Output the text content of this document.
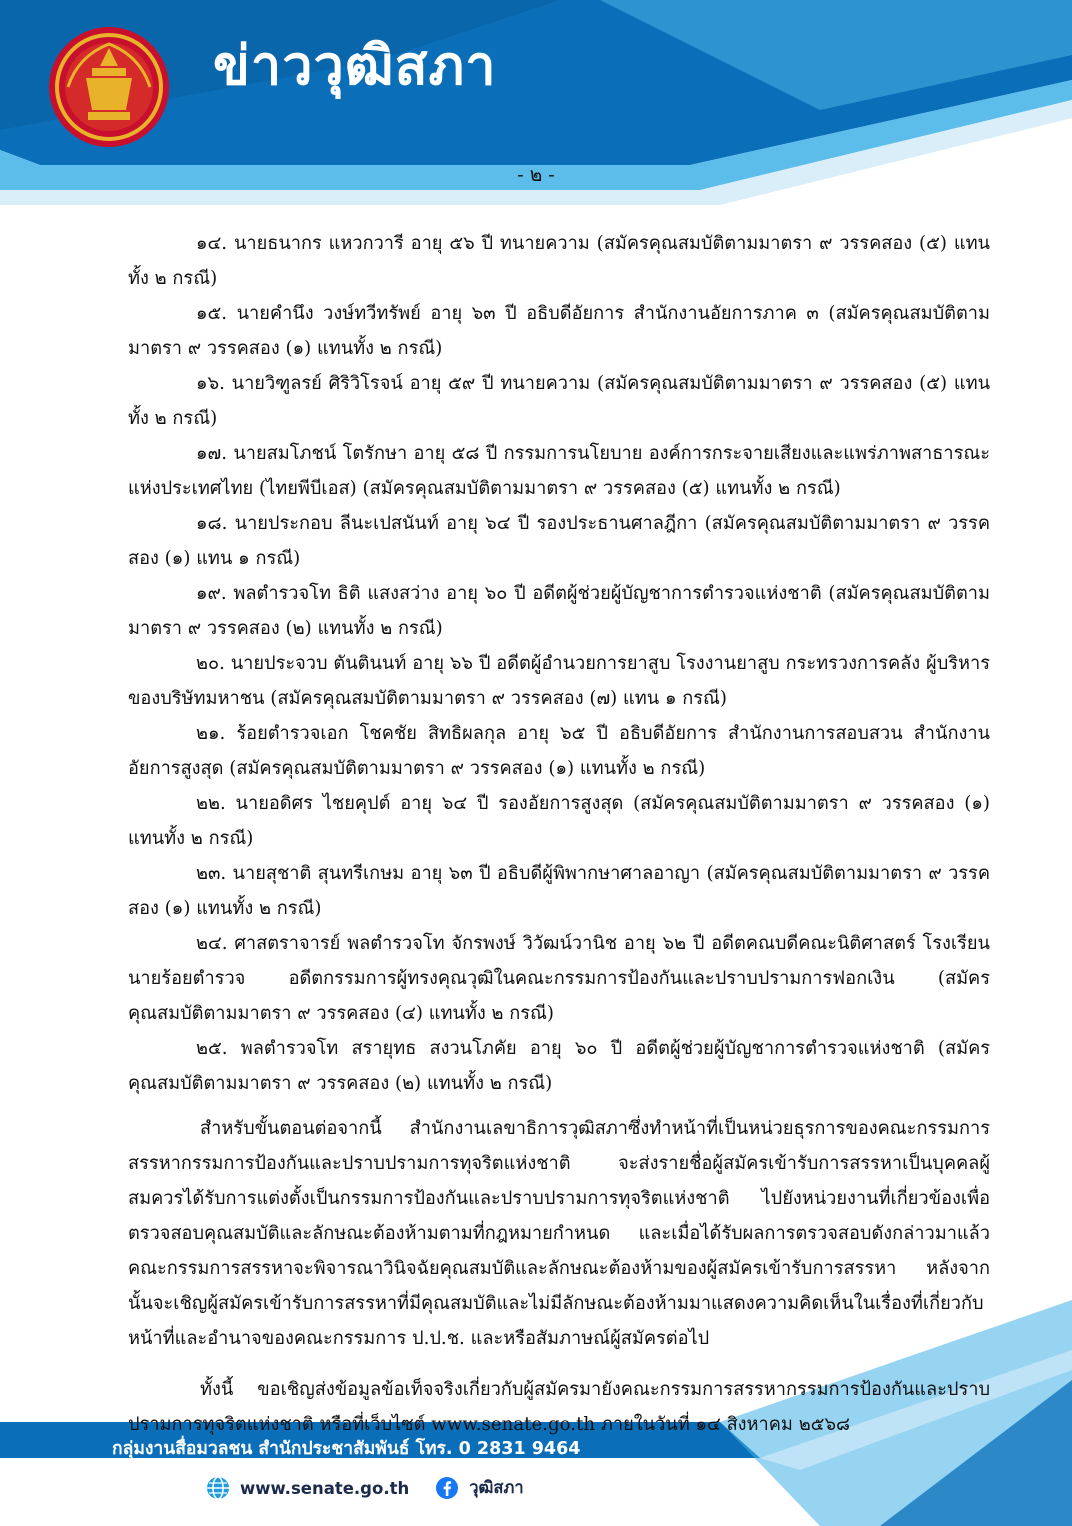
ข่าววุฒิสภา
- ๒ -

๑๔. นายธนากร แหวกวารี อายุ ๕๖ ปี ทนายความ (สมัครคุณสมบัติตามมาตรา ๙ วรรคสอง (๕) แทนทั้ง ๒ กรณี)

๑๕. นายคำนึง วงษ์ทวีทรัพย์ อายุ ๖๓ ปี อธิบดีอัยการ สำนักงานอัยการภาค ๓ (สมัครคุณสมบัติตามมาตรา ๙ วรรคสอง (๑) แทนทั้ง ๒ กรณี)

๑๖. นายวิฑูลรย์ ศิริวิโรจน์ อายุ ๕๙ ปี ทนายความ (สมัครคุณสมบัติตามมาตรา ๙ วรรคสอง (๕) แทนทั้ง ๒ กรณี)

๑๗. นายสมโภชน์ โตรักษา อายุ ๕๘ ปี กรรมการนโยบาย องค์การกระจายเสียงและแพร่ภาพสาธารณะแห่งประเทศไทย (ไทยพีบีเอส) (สมัครคุณสมบัติตามมาตรา ๙ วรรคสอง (๕) แทนทั้ง ๒ กรณี)

๑๘. นายประกอบ ลีนะเปสนันท์ อายุ ๖๔ ปี รองประธานศาลฎีกา (สมัครคุณสมบัติตามมาตรา ๙ วรรคสอง (๑) แทน ๑ กรณี)

๑๙. พลตำรวจโท ธิติ แสงสว่าง อายุ ๖๐ ปี อดีตผู้ช่วยผู้บัญชาการตำรวจแห่งชาติ (สมัครคุณสมบัติตามมาตรา ๙ วรรคสอง (๒) แทนทั้ง ๒ กรณี)

๒๐. นายประจวบ ตันตินนท์ อายุ ๖๖ ปี อดีตผู้อำนวยการยาสูบ โรงงานยาสูบ กระทรวงการคลัง ผู้บริหารของบริษัทมหาชน (สมัครคุณสมบัติตามมาตรา ๙ วรรคสอง (๗) แทน ๑ กรณี)

๒๑. ร้อยตำรวจเอก โชคชัย สิทธิผลกุล อายุ ๖๕ ปี อธิบดีอัยการ สำนักงานการสอบสวน สำนักงานอัยการสูงสุด (สมัครคุณสมบัติตามมาตรา ๙ วรรคสอง (๑) แทนทั้ง ๒ กรณี)

๒๒. นายอดิศร ไชยคุปต์ อายุ ๖๔ ปี รองอัยการสูงสุด (สมัครคุณสมบัติตามมาตรา ๙ วรรคสอง (๑) แทนทั้ง ๒ กรณี)

๒๓. นายสุชาติ สุนทรีเกษม อายุ ๖๓ ปี อธิบดีผู้พิพากษาศาลอาญา (สมัครคุณสมบัติตามมาตรา ๙ วรรคสอง (๑) แทนทั้ง ๒ กรณี)

๒๔. ศาสตราจารย์ พลตำรวจโท จักรพงษ์ วิวัฒน์วานิช อายุ ๖๒ ปี อดีตคณบดีคณะนิติศาสตร์ โรงเรียนนายร้อยตำรวจ อดีตกรรมการผู้ทรงคุณวุฒิในคณะกรรมการป้องกันและปราบปรามการฟอกเงิน (สมัครคุณสมบัติตามมาตรา ๙ วรรคสอง (๔) แทนทั้ง ๒ กรณี)

๒๕. พลตำรวจโท สรายุทธ สงวนโภคัย อายุ ๖๐ ปี อดีตผู้ช่วยผู้บัญชาการตำรวจแห่งชาติ (สมัครคุณสมบัติตามมาตรา ๙ วรรคสอง (๒) แทนทั้ง ๒ กรณี)

สำหรับขั้นตอนต่อจากนี้ สำนักงานเลขาธิการวุฒิสภาซึ่งทำหน้าที่เป็นหน่วยธุรการของคณะกรรมการสรรหากรรมการป้องกันและปราบปรามการทุจริตแห่งชาติ จะส่งรายชื่อผู้สมัครเข้ารับการสรรหาเป็นบุคคลผู้สมควรได้รับการแต่งตั้งเป็นกรรมการป้องกันและปราบปรามการทุจริตแห่งชาติ ไปยังหน่วยงานที่เกี่ยวข้องเพื่อตรวจสอบคุณสมบัติและลักษณะต้องห้ามตามที่กฎหมายกำหนด และเมื่อได้รับผลการตรวจสอบดังกล่าวมาแล้ว คณะกรรมการสรรหาจะพิจารณาวินิจฉัยคุณสมบัติและลักษณะต้องห้ามของผู้สมัครเข้ารับการสรรหา หลังจากนั้นจะเชิญผู้สมัครเข้ารับการสรรหาที่มีคุณสมบัติและไม่มีลักษณะต้องห้ามมาแสดงความคิดเห็นในเรื่องที่เกี่ยวกับหน้าที่และอำนาจของคณะกรรมการ ป.ป.ช. และหรือสัมภาษณ์ผู้สมัครต่อไป

ทั้งนี้ ขอเชิญส่งข้อมูลข้อเท็จจริงเกี่ยวกับผู้สมัครมายังคณะกรรมการสรรหากรรมการป้องกันและปราบปรามการทุจริตแห่งชาติ หรือที่เว็บไซต์ www.senate.go.th ภายในวันที่ ๑๔ สิงหาคม ๒๕๖๘

กลุ่มงานสื่อมวลชน สำนักประชาสัมพันธ์ โทร. 0 2831 9464
www.senate.go.th	วุฒิสภา
